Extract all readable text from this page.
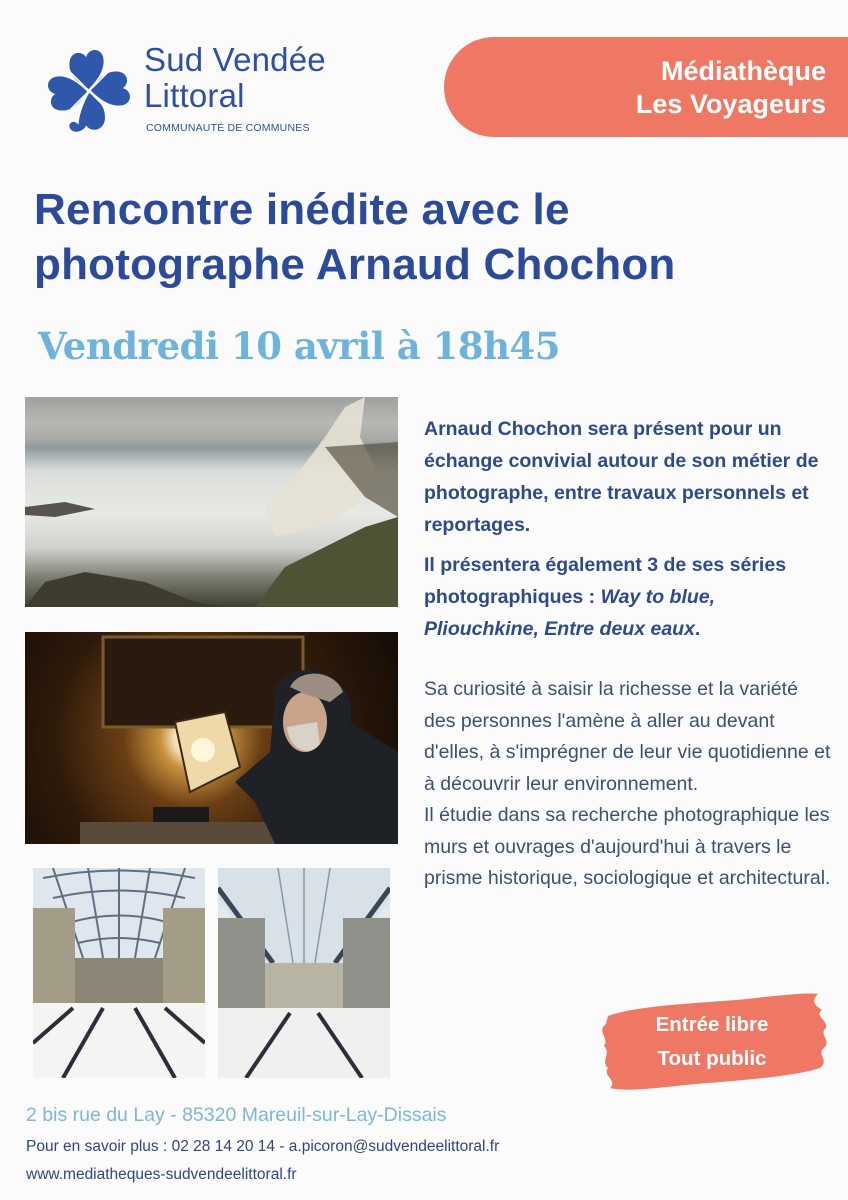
Sud Vendée
Littoral
COMMUNAUTÉ DE COMMUNES
Médiathèque
Les Voyageurs
Rencontre inédite avec le
photographe Arnaud Chochon
Vendredi 10 avril à 18h45

Arnaud Chochon sera présent pour un échange convivial autour de son métier de photographe, entre travaux personnels et reportages.

Il présentera également 3 de ses séries photographiques : Way to blue, Pliouchkine, Entre deux eaux.

Sa curiosité à saisir la richesse et la variété des personnes l'amène à aller au devant d'elles, à s'imprégner de leur vie quotidienne et à découvrir leur environnement.

Il étudie dans sa recherche photographique les murs et ouvrages d'aujourd'hui à travers le prisme historique, sociologique et architectural.

Entrée libre
Tout public
2 bis rue du Lay - 85320 Mareuil-sur-Lay-Dissais
Pour en savoir plus : 02 28 14 20 14 - a.picoron@sudvendeelittoral.fr
www.mediatheques-sudvendeelittoral.fr
